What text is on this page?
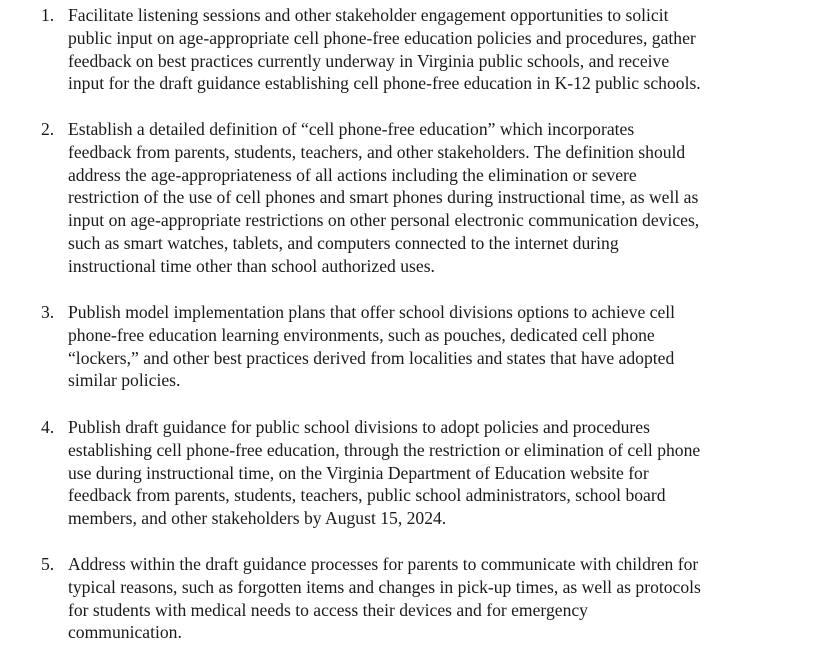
1. Facilitate listening sessions and other stakeholder engagement opportunities to solicit
public input on age-appropriate cell phone-free education policies and procedures, gather
feedback on best practices currently underway in Virginia public schools, and receive
input for the draft guidance establishing cell phone-free education in K-12 public schools.
2. Establish a detailed definition of “cell phone-free education” which incorporates
feedback from parents, students, teachers, and other stakeholders. The definition should
address the age-appropriateness of all actions including the elimination or severe
restriction of the use of cell phones and smart phones during instructional time, as well as
input on age-appropriate restrictions on other personal electronic communication devices,
such as smart watches, tablets, and computers connected to the internet during
instructional time other than school authorized uses.
3. Publish model implementation plans that offer school divisions options to achieve cell
phone-free education learning environments, such as pouches, dedicated cell phone
“lockers,” and other best practices derived from localities and states that have adopted
similar policies.
4. Publish draft guidance for public school divisions to adopt policies and procedures
establishing cell phone-free education, through the restriction or elimination of cell phone
use during instructional time, on the Virginia Department of Education website for
feedback from parents, students, teachers, public school administrators, school board
members, and other stakeholders by August 15, 2024.
5. Address within the draft guidance processes for parents to communicate with children for
typical reasons, such as forgotten items and changes in pick-up times, as well as protocols
for students with medical needs to access their devices and for emergency
communication.
